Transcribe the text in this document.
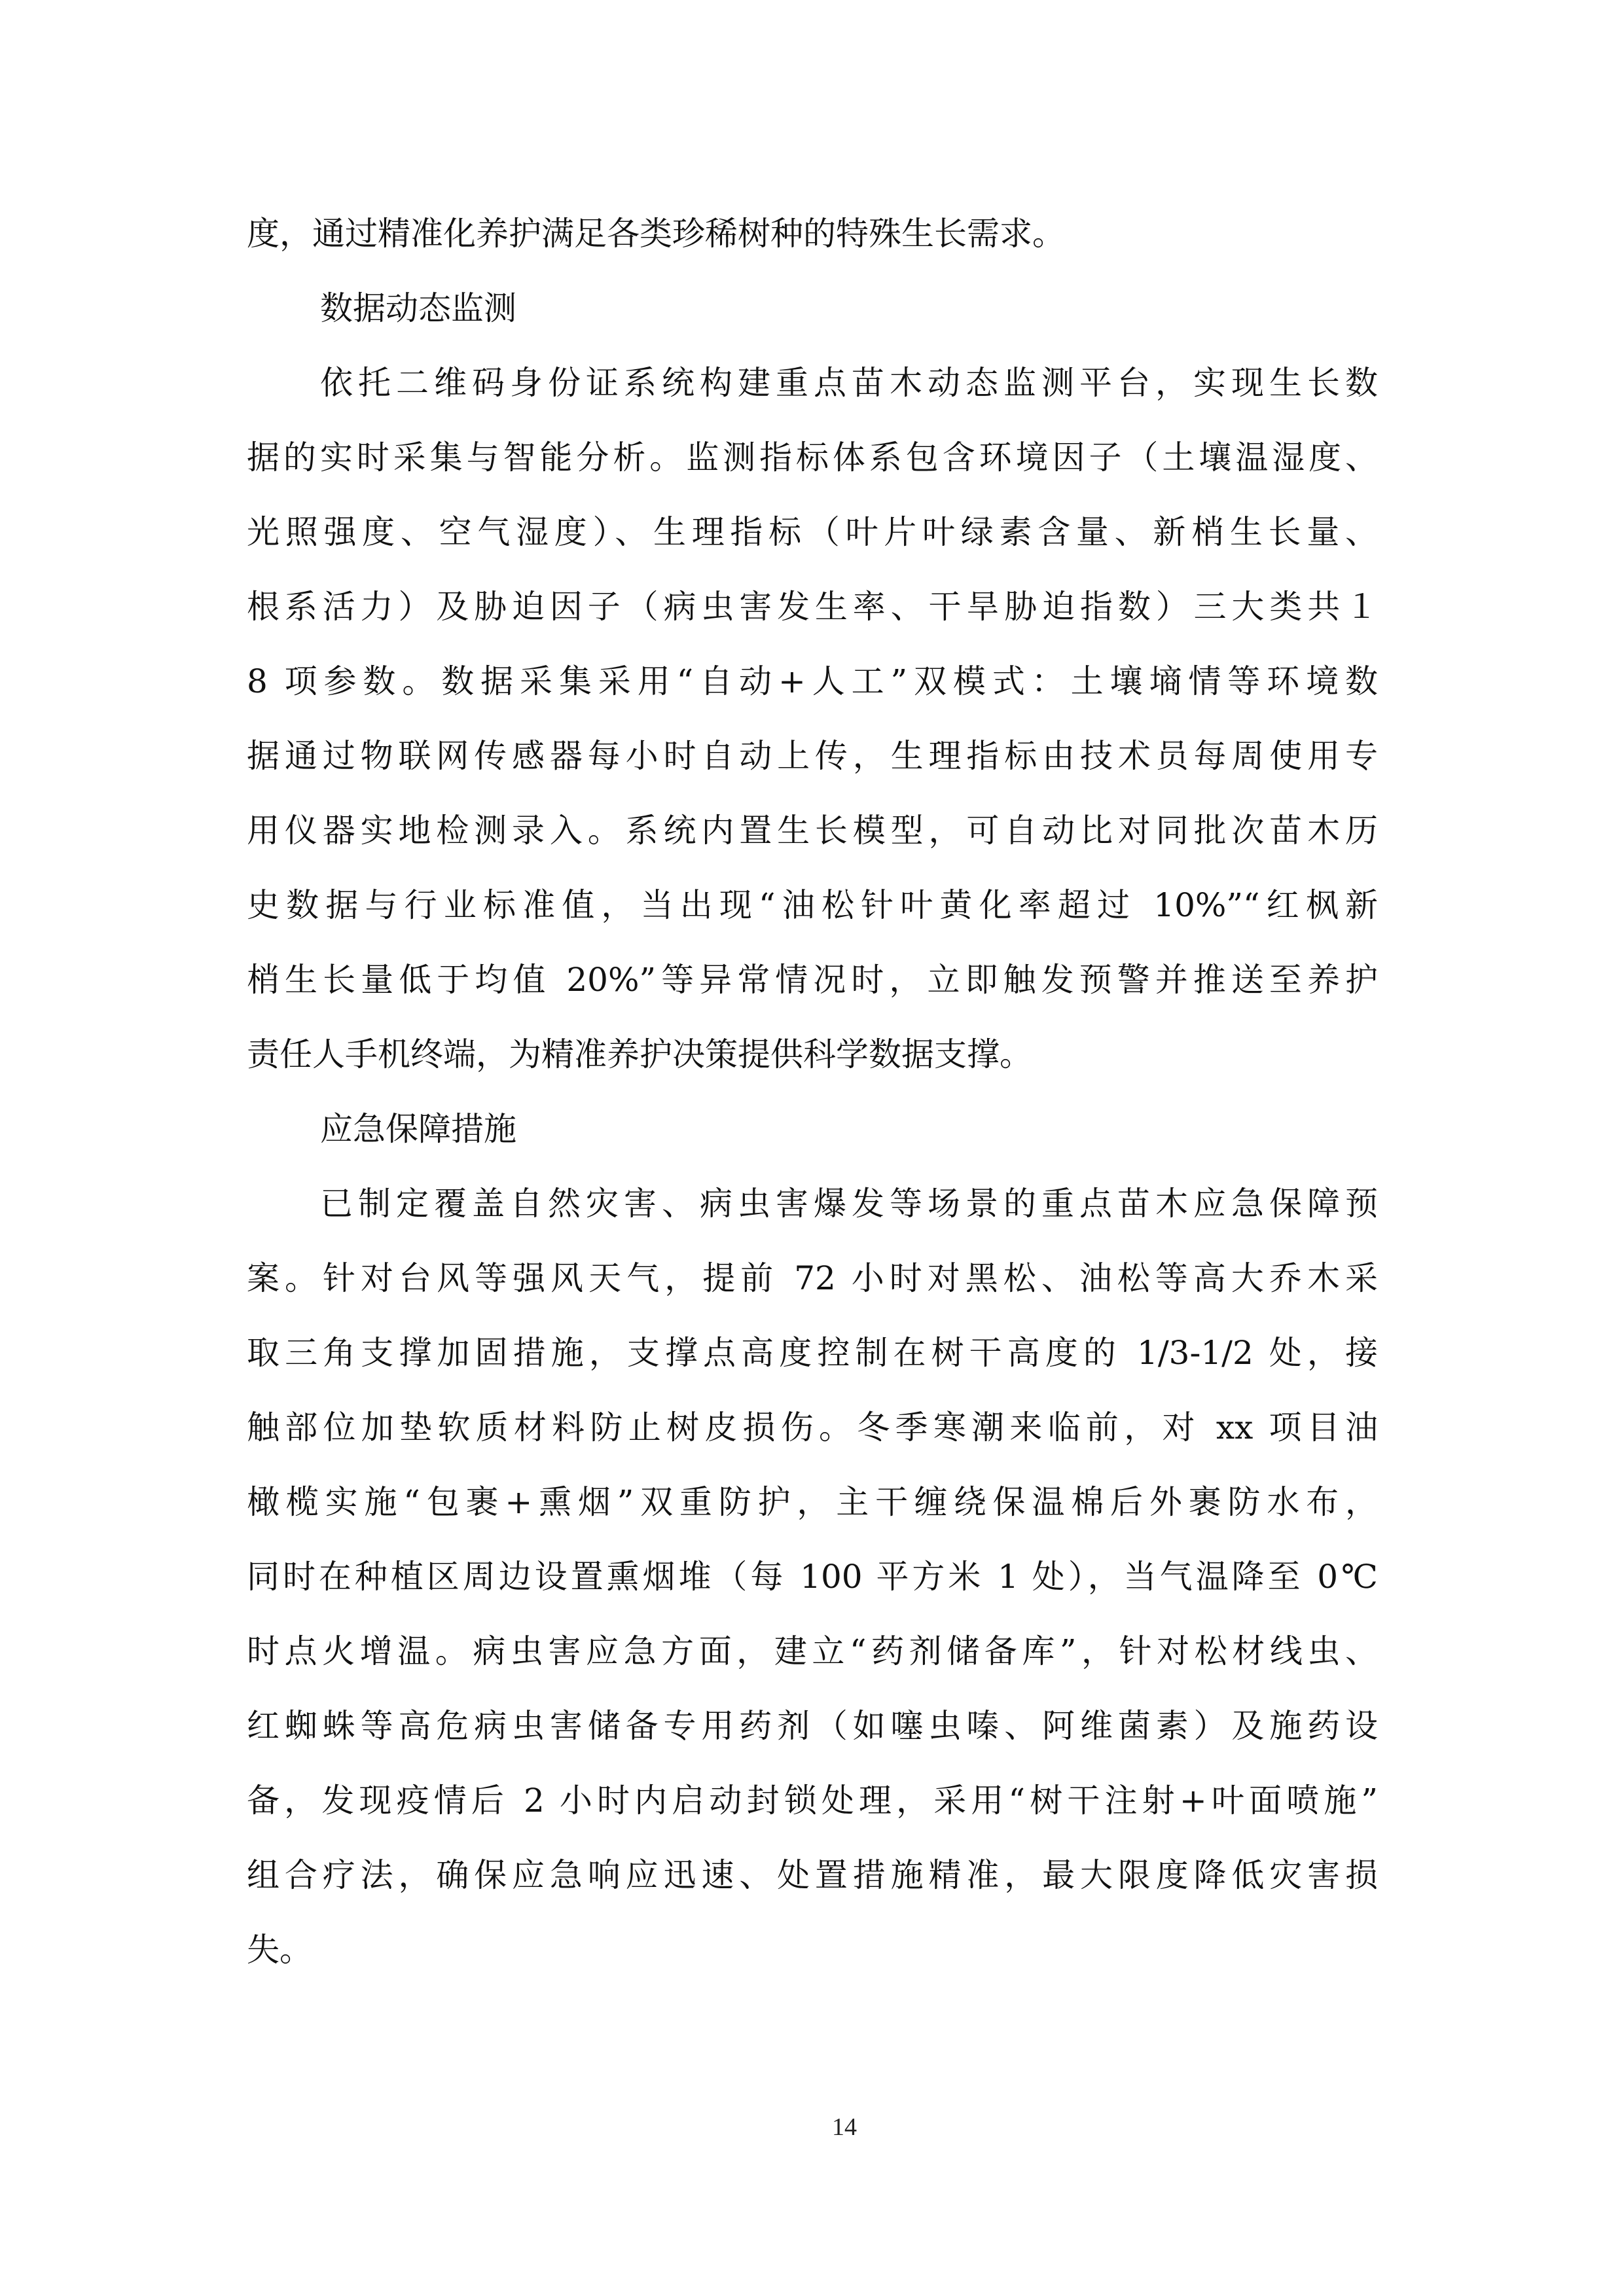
度，通过精准化养护满足各类珍稀树种的特殊生长需求。
数据动态监测
依托二维码身份证系统构建重点苗木动态监测平台，实现生长数
据的实时采集与智能分析。监测指标体系包含环境因子（土壤温湿度、
光照强度、空气湿度）、生理指标（叶片叶绿素含量、新梢生长量、
根系活力）及胁迫因子（病虫害发生率、干旱胁迫指数）三大类共１
8 项参数。数据采集采用“自动+人工”双模式：土壤墒情等环境数
据通过物联网传感器每小时自动上传，生理指标由技术员每周使用专
用仪器实地检测录入。系统内置生长模型，可自动比对同批次苗木历
史数据与行业标准值，当出现“油松针叶黄化率超过 10%”“红枫新
梢生长量低于均值 20%”等异常情况时，立即触发预警并推送至养护
责任人手机终端，为精准养护决策提供科学数据支撑。
应急保障措施
已制定覆盖自然灾害、病虫害爆发等场景的重点苗木应急保障预
案。针对台风等强风天气，提前 72 小时对黑松、油松等高大乔木采
取三角支撑加固措施，支撑点高度控制在树干高度的 1/3-1/2 处，接
触部位加垫软质材料防止树皮损伤。冬季寒潮来临前，对 xx 项目油
橄榄实施“包裹+熏烟”双重防护，主干缠绕保温棉后外裹防水布，
同时在种植区周边设置熏烟堆（每 100 平方米 1 处），当气温降至 0℃
时点火增温。病虫害应急方面，建立“药剂储备库”，针对松材线虫、
红蜘蛛等高危病虫害储备专用药剂（如噻虫嗪、阿维菌素）及施药设
备，发现疫情后 2 小时内启动封锁处理，采用“树干注射+叶面喷施”
组合疗法，确保应急响应迅速、处置措施精准，最大限度降低灾害损
失。
14
